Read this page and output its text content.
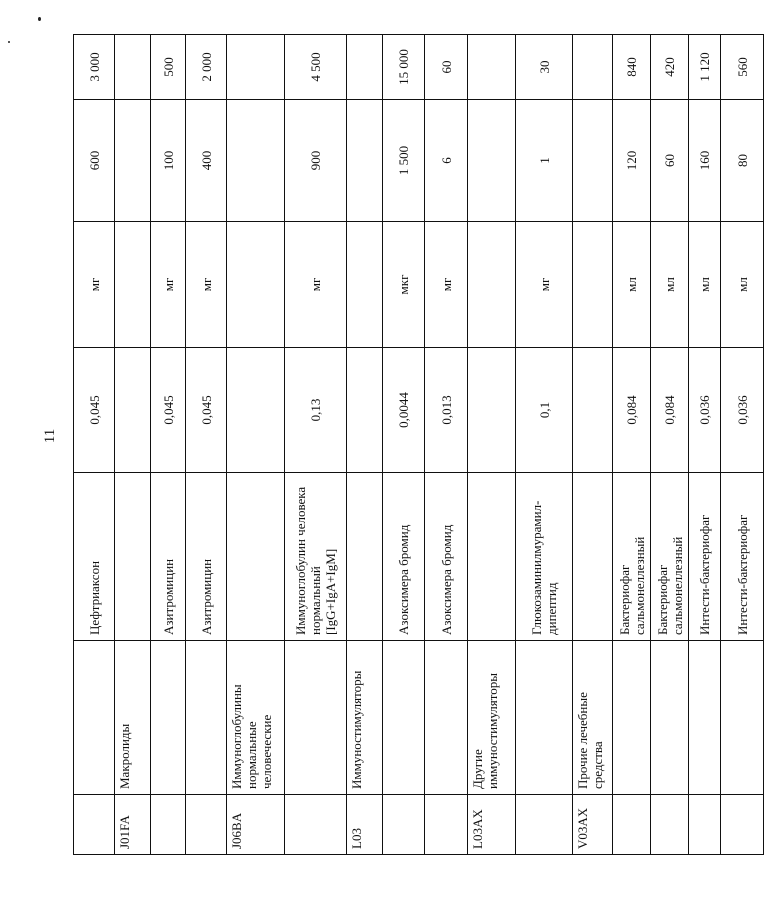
11
		Цефтриаксон	0,045	мг	600	3 000
J01FA	Макролиды					
		Азитромицин	0,045	мг	100	500
		Азитромицин	0,045	мг	400	2 000
J06BA	Иммуноглобулины нормальные человеческие					
		Иммуноглобулин человека нормальный [IgG+IgA+IgM]	0,13	мг	900	4 500
L03	Иммуностимуляторы					
		Азоксимера бромид	0,0044	мкг	1 500	15 000
		Азоксимера бромид	0,013	мг	6	60
L03AX	Другие иммуностимуляторы					
		Глюкозаминилмурамил-дипептид	0,1	мг	1	30
V03AX	Прочие лечебные средства					
		Бактериофаг сальмонеллезный	0,084	мл	120	840
		Бактериофаг сальмонеллезный	0,084	мл	60	420
		Интести-бактериофаг	0,036	мл	160	1 120
		Интести-бактериофаг	0,036	мл	80	560
